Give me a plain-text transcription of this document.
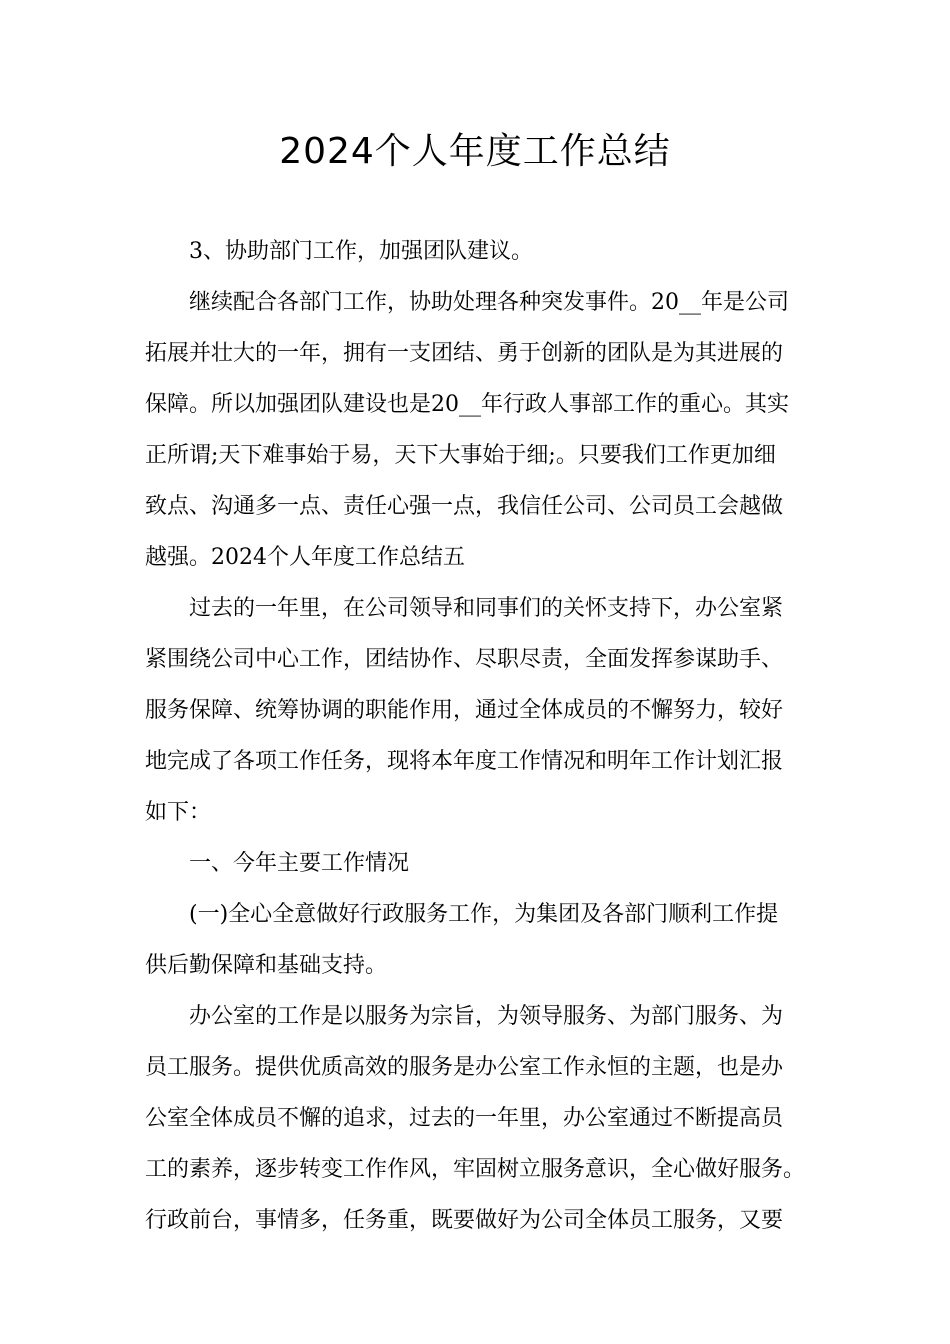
2024个人年度工作总结
3、协助部门工作，加强团队建议。
继续配合各部门工作，协助处理各种突发事件。20__年是公司
拓展并壮大的一年，拥有一支团结、勇于创新的团队是为其进展的
保障。所以加强团队建设也是20__年行政人事部工作的重心。其实
正所谓;天下难事始于易，天下大事始于细;。只要我们工作更加细
致点、沟通多一点、责任心强一点，我信任公司、公司员工会越做
越强。2024个人年度工作总结五
过去的一年里，在公司领导和同事们的关怀支持下，办公室紧
紧围绕公司中心工作，团结协作、尽职尽责，全面发挥参谋助手、
服务保障、统筹协调的职能作用，通过全体成员的不懈努力，较好
地完成了各项工作任务，现将本年度工作情况和明年工作计划汇报
如下：
一、今年主要工作情况
(一)全心全意做好行政服务工作，为集团及各部门顺利工作提
供后勤保障和基础支持。
办公室的工作是以服务为宗旨，为领导服务、为部门服务、为
员工服务。提供优质高效的服务是办公室工作永恒的主题，也是办
公室全体成员不懈的追求，过去的一年里，办公室通过不断提高员
工的素养，逐步转变工作作风，牢固树立服务意识，全心做好服务。
行政前台，事情多，任务重，既要做好为公司全体员工服务，又要
